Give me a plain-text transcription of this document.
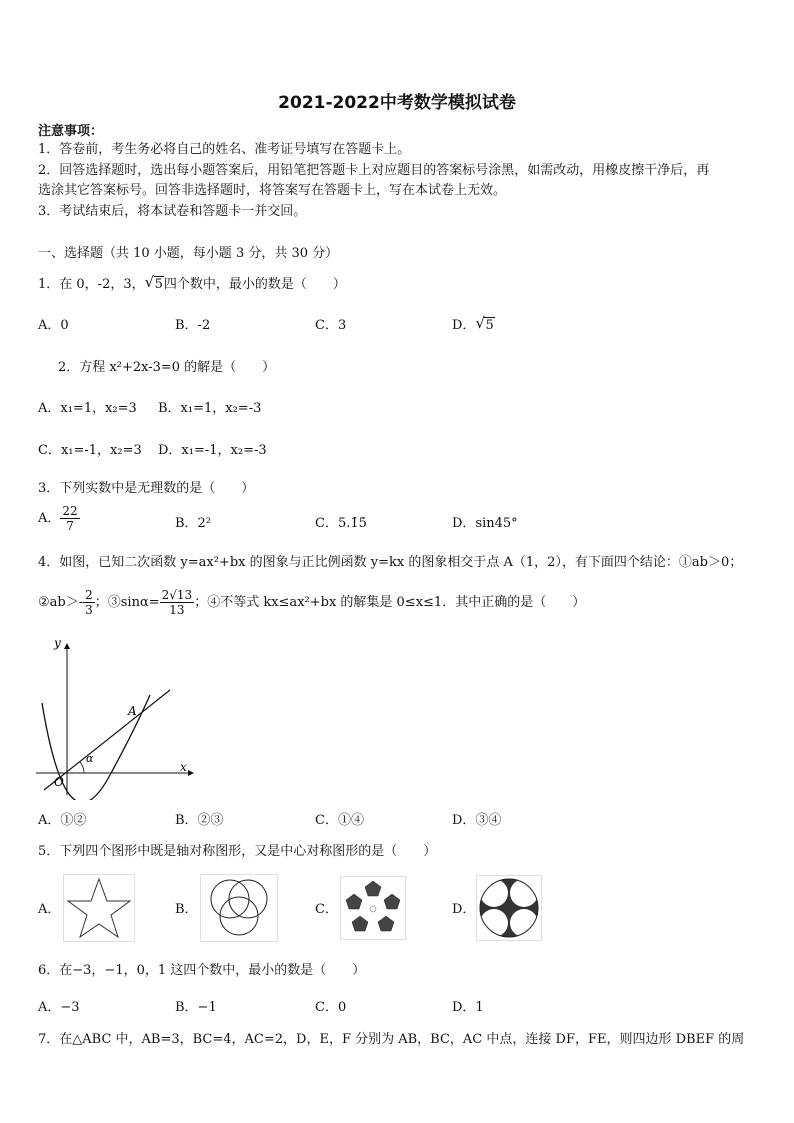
2021-2022中考数学模拟试卷
注意事项：
1．答卷前，考生务必将自己的姓名、准考证号填写在答题卡上。
2．回答选择题时，选出每小题答案后，用铅笔把答题卡上对应题目的答案标号涂黑，如需改动，用橡皮擦干净后，再
选涂其它答案标号。回答非选择题时，将答案写在答题卡上，写在本试卷上无效。
3．考试结束后，将本试卷和答题卡一并交回。
一、选择题（共 10 小题，每小题 3 分，共 30 分）
1．在 0，-2，3， √ 5四个数中，最小的数是（　　）
A．0	B．-2	C．3	D． √ 5
2．方程 x²+2x-3=0 的解是（　　）
A．x₁=1，x₂=3 B．x₁=1，x₂=-3
C．x₁=-1，x₂=3 D．x₁=-1，x₂=-3
3．下列实数中是无理数的是（　　）
A． $\frac{22}{7}$	B．2²	C．5.1̇5̇	D．sin45°
4．如图，已知二次函数 y=ax²+bx 的图象与正比例函数 y=kx 的图象相交于点 A（1，2），有下面四个结论：①ab＞0；
②ab＞- $\frac{2}{3}$ ；③sinα= $\frac{2√13}{13}$ ；④不等式 kx≤ax²+bx 的解集是 0≤x≤1．其中正确的是（　　）
y
x
O
A
α
A．①②	B．②③	C．①④	D．③④
5．下列四个图形中既是轴对称图形，又是中心对称图形的是（　　）
A．	B．	C．	D．
6．在−3，−1，0，1 这四个数中，最小的数是（　　）
A．−3	B．−1	C．0	D．1
7．在△ABC 中，AB=3，BC=4，AC=2，D，E，F 分别为 AB，BC，AC 中点，连接 DF，FE，则四边形 DBEF 的周
